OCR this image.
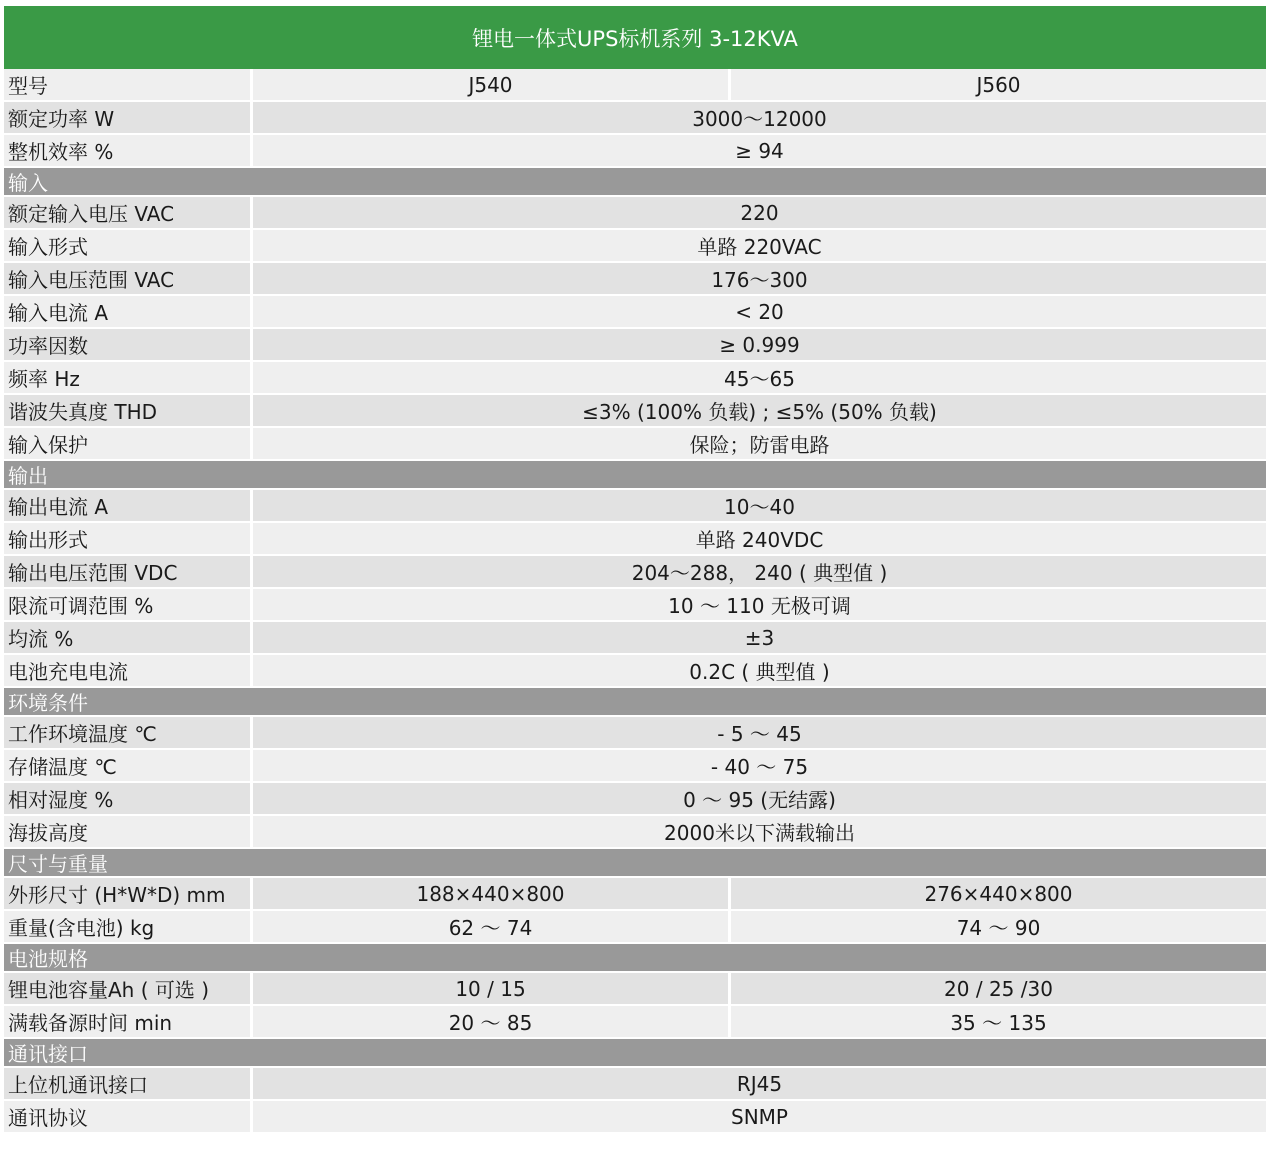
锂电一体式UPS标机系列 3-12KVA
型号	J540	J560
额定功率 W	3000～12000
整机效率 %	≥ 94
输入
额定输入电压 VAC	220
输入形式	单路 220VAC
输入电压范围 VAC	176～300
输入电流 A	< 20
功率因数	≥ 0.999
频率 Hz	45～65
谐波失真度 THD	≤3% (100% 负载) ; ≤5% (50% 负载)
输入保护	保险；防雷电路
输出
输出电流 A	10～40
输出形式	单路 240VDC
输出电压范围 VDC	204～288， 240 ( 典型值 )
限流可调范围 %	10 ～ 110 无极可调
均流 %	±3
电池充电电流	0.2C ( 典型值 )
环境条件
工作环境温度 ℃	- 5 ～ 45
存储温度 ℃	- 40 ～ 75
相对湿度 %	0 ～ 95 (无结露)
海拔高度	2000米以下满载输出
尺寸与重量
外形尺寸 (H*W*D) mm	188×440×800	276×440×800
重量(含电池) kg	62 ～ 74	74 ～ 90
电池规格
锂电池容量Ah ( 可选 )	10 / 15	20 / 25 /30
满载备源时间 min	20 ～ 85	35 ～ 135
通讯接口
上位机通讯接口	RJ45
通讯协议	SNMP
